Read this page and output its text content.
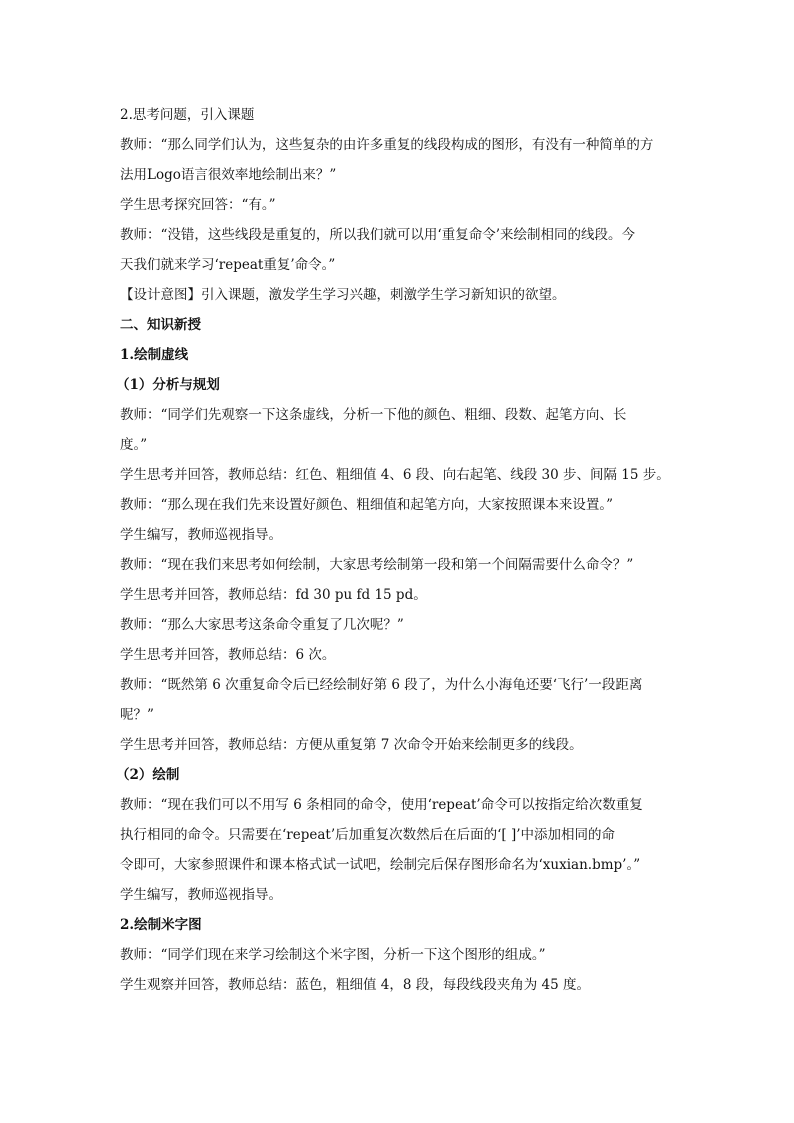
2.思考问题，引入课题
教师：“那么同学们认为，这些复杂的由许多重复的线段构成的图形，有没有一种简单的方
法用Logo语言很效率地绘制出来？”
学生思考探究回答：“有。”
教师：“没错，这些线段是重复的，所以我们就可以用‘重复命令’来绘制相同的线段。今
天我们就来学习‘repeat重复’命令。”
【设计意图】引入课题，激发学生学习兴趣，刺激学生学习新知识的欲望。
二、知识新授
1.绘制虚线
（1）分析与规划
教师：“同学们先观察一下这条虚线，分析一下他的颜色、粗细、段数、起笔方向、长
度。”
学生思考并回答，教师总结：红色、粗细值 4、6 段、向右起笔、线段 30 步、间隔 15 步。
教师：“那么现在我们先来设置好颜色、粗细值和起笔方向，大家按照课本来设置。”
学生编写，教师巡视指导。
教师：“现在我们来思考如何绘制，大家思考绘制第一段和第一个间隔需要什么命令？”
学生思考并回答，教师总结：fd 30 pu fd 15 pd。
教师：“那么大家思考这条命令重复了几次呢？”
学生思考并回答，教师总结：6 次。
教师：“既然第 6 次重复命令后已经绘制好第 6 段了，为什么小海龟还要‘飞行’一段距离
呢？”
学生思考并回答，教师总结：方便从重复第 7 次命令开始来绘制更多的线段。
（2）绘制
教师：“现在我们可以不用写 6 条相同的命令，使用‘repeat’命令可以按指定给次数重复
执行相同的命令。只需要在‘repeat’后加重复次数然后在后面的‘[ ]’中添加相同的命
令即可，大家参照课件和课本格式试一试吧，绘制完后保存图形命名为‘xuxian.bmp’。”
学生编写，教师巡视指导。
2.绘制米字图
教师：“同学们现在来学习绘制这个米字图，分析一下这个图形的组成。”
学生观察并回答，教师总结：蓝色，粗细值 4，8 段，每段线段夹角为 45 度。
